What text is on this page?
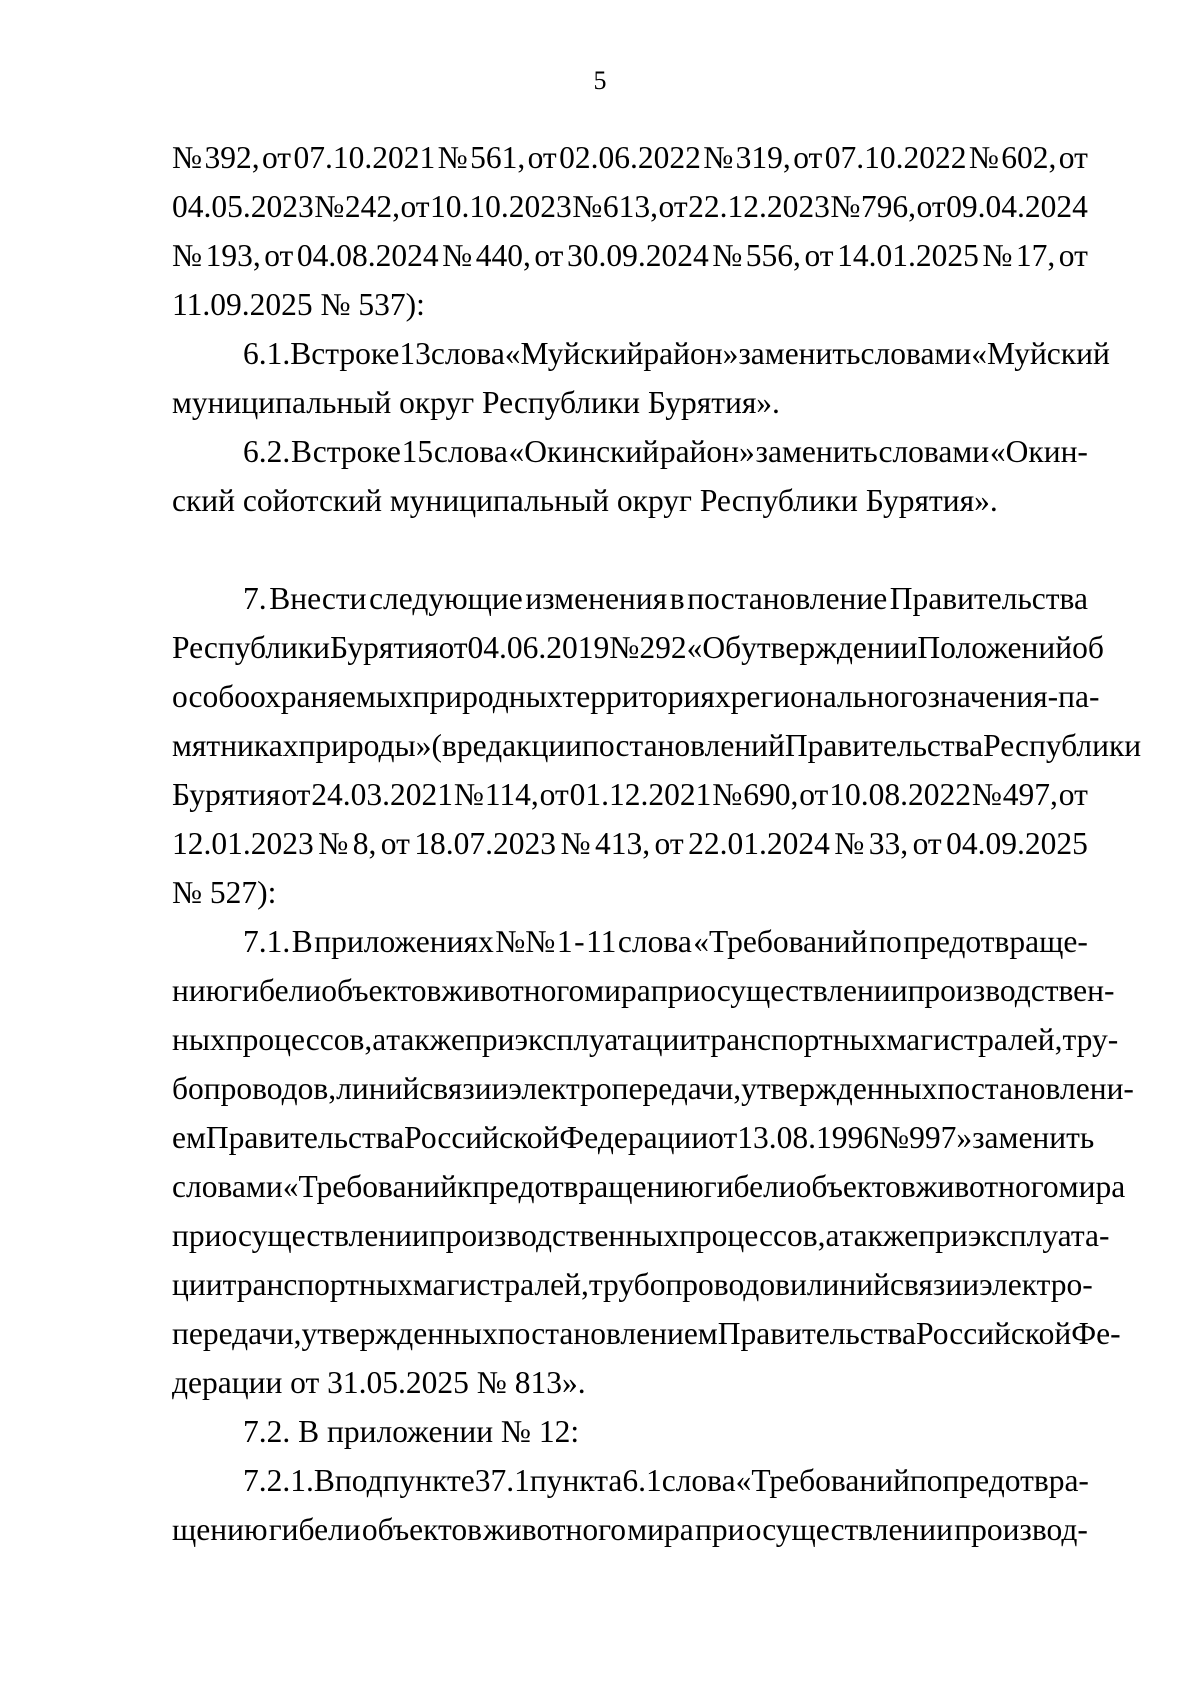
5
№ 392, от 07.10.2021 № 561, от 02.06.2022 № 319, от 07.10.2022 № 602, от
04.05.2023 № 242, от 10.10.2023 № 613, от 22.12.2023 № 796, от 09.04.2024
№ 193, от 04.08.2024 № 440, от 30.09.2024 № 556, от 14.01.2025 № 17, от
11.09.2025 № 537):
6.1. В строке 13 слова «Муйский район» заменить словами «Муйский
муниципальный округ Республики Бурятия».
6.2. В строке 15 слова «Окинский район» заменить словами «Окин-
ский сойотский муниципальный округ Республики Бурятия».
7. Внести следующие изменения в постановление Правительства
Республики Бурятия от 04.06.2019 № 292 «Об утверждении Положений об
особо охраняемых природных территориях регионального значения - па-
мятниках природы» (в редакции постановлений Правительства Республики
Бурятия от 24.03.2021 № 114, от 01.12.2021 № 690, от 10.08.2022 № 497, от
12.01.2023 № 8, от 18.07.2023 № 413, от 22.01.2024 № 33, от 04.09.2025
№ 527):
7.1. В приложениях №№ 1 - 11 слова «Требований по предотвраще-
нию гибели объектов животного мира при осуществлении производствен-
ных процессов, а также при эксплуатации транспортных магистралей, тру-
бопроводов, линий связи и электропередачи, утвержденных постановлени-
ем Правительства Российской Федерации от 13.08.1996 № 997» заменить
словами «Требований к предотвращению гибели объектов животного мира
при осуществлении производственных процессов, а также при эксплуата-
ции транспортных магистралей, трубопроводов и линий связи и электро-
передачи, утвержденных постановлением Правительства Российской Фе-
дерации от 31.05.2025 № 813».
7.2. В приложении № 12:
7.2.1. В подпункте 37.1 пункта 6.1 слова «Требований по предотвра-
щению гибели объектов животного мира при осуществлении производ-
